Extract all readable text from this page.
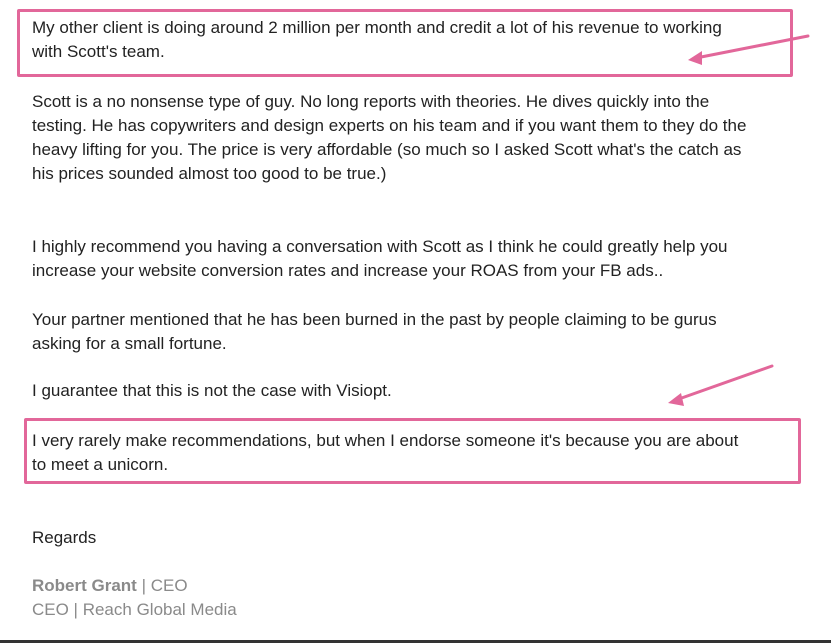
My other client is doing around 2 million per month and credit a lot of his revenue to working
with Scott's team.

Scott is a no nonsense type of guy. No long reports with theories. He dives quickly into the
testing. He has copywriters and design experts on his team and if you want them to they do the
heavy lifting for you. The price is very affordable (so much so I asked Scott what's the catch as
his prices sounded almost too good to be true.)

I highly recommend you having a conversation with Scott as I think he could greatly help you
increase your website conversion rates and increase your ROAS from your FB ads..

Your partner mentioned that he has been burned in the past by people claiming to be gurus
asking for a small fortune.

I guarantee that this is not the case with Visiopt.

I very rarely make recommendations, but when I endorse someone it's because you are about
to meet a unicorn.

Regards

Robert Grant | CEO
CEO | Reach Global Media
